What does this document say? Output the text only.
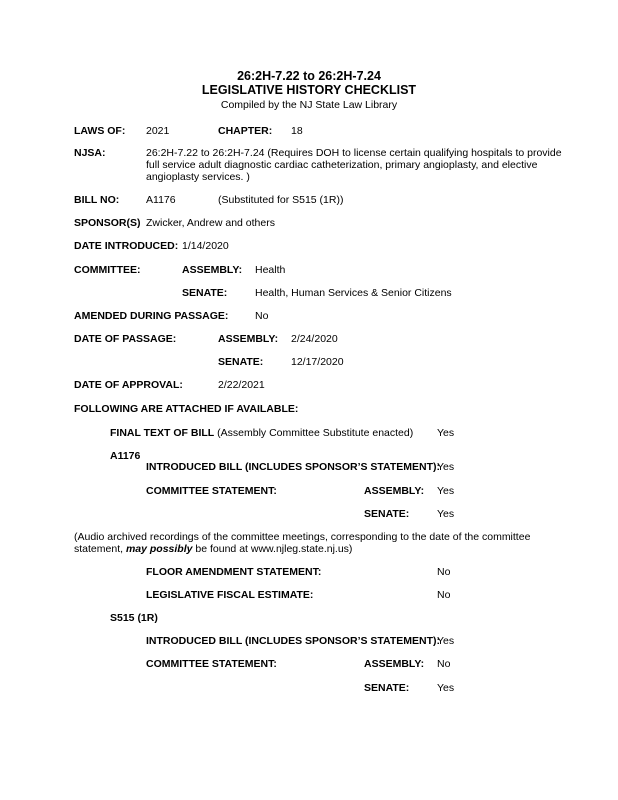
26:2H-7.22 to 26:2H-7.24
LEGISLATIVE HISTORY CHECKLIST
Compiled by the NJ State Law Library
LAWS OF: 2021	CHAPTER: 18
NJSA:	26:2H-7.22 to 26:2H-7.24 (Requires DOH to license certain qualifying hospitals to provide
full service adult diagnostic cardiac catheterization, primary angioplasty, and elective
angioplasty services. )
BILL NO:	A1176	(Substituted for S515 (1R))
SPONSOR(S) Zwicker, Andrew and others
DATE INTRODUCED: 1/14/2020
COMMITTEE:	ASSEMBLY: Health
SENATE:	Health, Human Services & Senior Citizens
AMENDED DURING PASSAGE:	No
DATE OF PASSAGE:	ASSEMBLY: 2/24/2020
SENATE:	12/17/2020
DATE OF APPROVAL:	2/22/2021
FOLLOWING ARE ATTACHED IF AVAILABLE:
FINAL TEXT OF BILL (Assembly Committee Substitute enacted) Yes
A1176
INTRODUCED BILL (INCLUDES SPONSOR’S STATEMENT):
Yes
COMMITTEE STATEMENT:	ASSEMBLY: Yes
SENATE:	Yes
(Audio archived recordings of the committee meetings, corresponding to the date of the committee
statement, may possibly be found at www.njleg.state.nj.us)
FLOOR AMENDMENT STATEMENT:	No
LEGISLATIVE FISCAL ESTIMATE:	No
S515 (1R)
INTRODUCED BILL (INCLUDES SPONSOR’S STATEMENT):
Yes
COMMITTEE STATEMENT:	ASSEMBLY: No
SENATE:	Yes
